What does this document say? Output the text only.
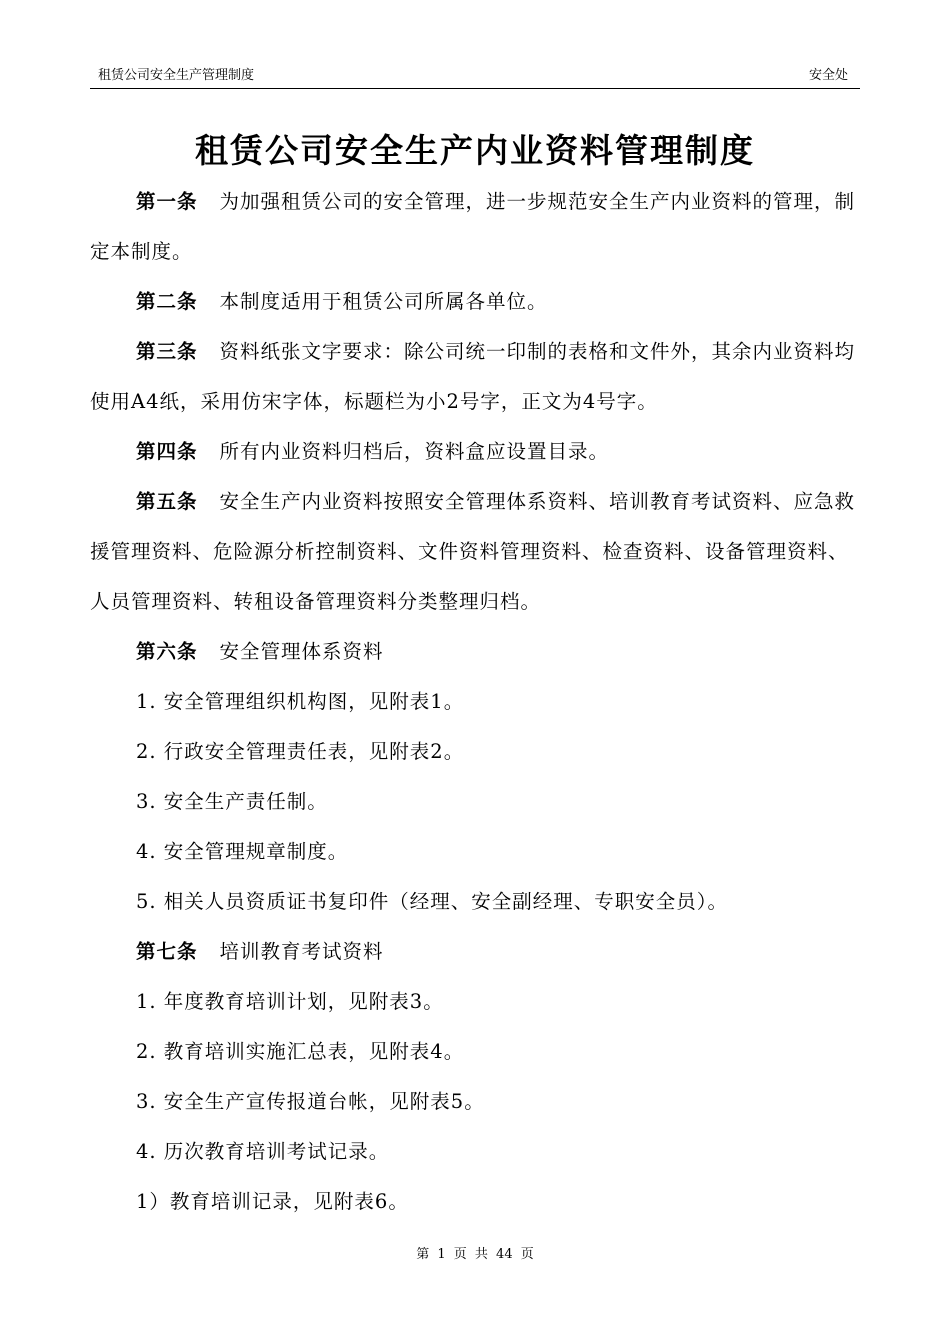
租赁公司安全生产管理制度	安全处
租赁公司安全生产内业资料管理制度

第一条 为加强租赁公司的安全管理，进一步规范安全生产内业资料的管理，制定本制度。

第二条 本制度适用于租赁公司所属各单位。

第三条 资料纸张文字要求：除公司统一印制的表格和文件外，其余内业资料均使用A4纸，采用仿宋字体，标题栏为小2号字，正文为4号字。

第四条 所有内业资料归档后，资料盒应设置目录。

第五条 安全生产内业资料按照安全管理体系资料、培训教育考试资料、应急救援管理资料、危险源分析控制资料、文件资料管理资料、检查资料、设备管理资料、人员管理资料、转租设备管理资料分类整理归档。

第六条 安全管理体系资料

1. 安全管理组织机构图，见附表1。

2. 行政安全管理责任表，见附表2。

3. 安全生产责任制。

4. 安全管理规章制度。

5. 相关人员资质证书复印件（经理、安全副经理、专职安全员）。

第七条 培训教育考试资料

1. 年度教育培训计划，见附表3。

2. 教育培训实施汇总表，见附表4。

3. 安全生产宣传报道台帐，见附表5。

4. 历次教育培训考试记录。

1）教育培训记录，见附表6。

第 1 页 共 44 页
